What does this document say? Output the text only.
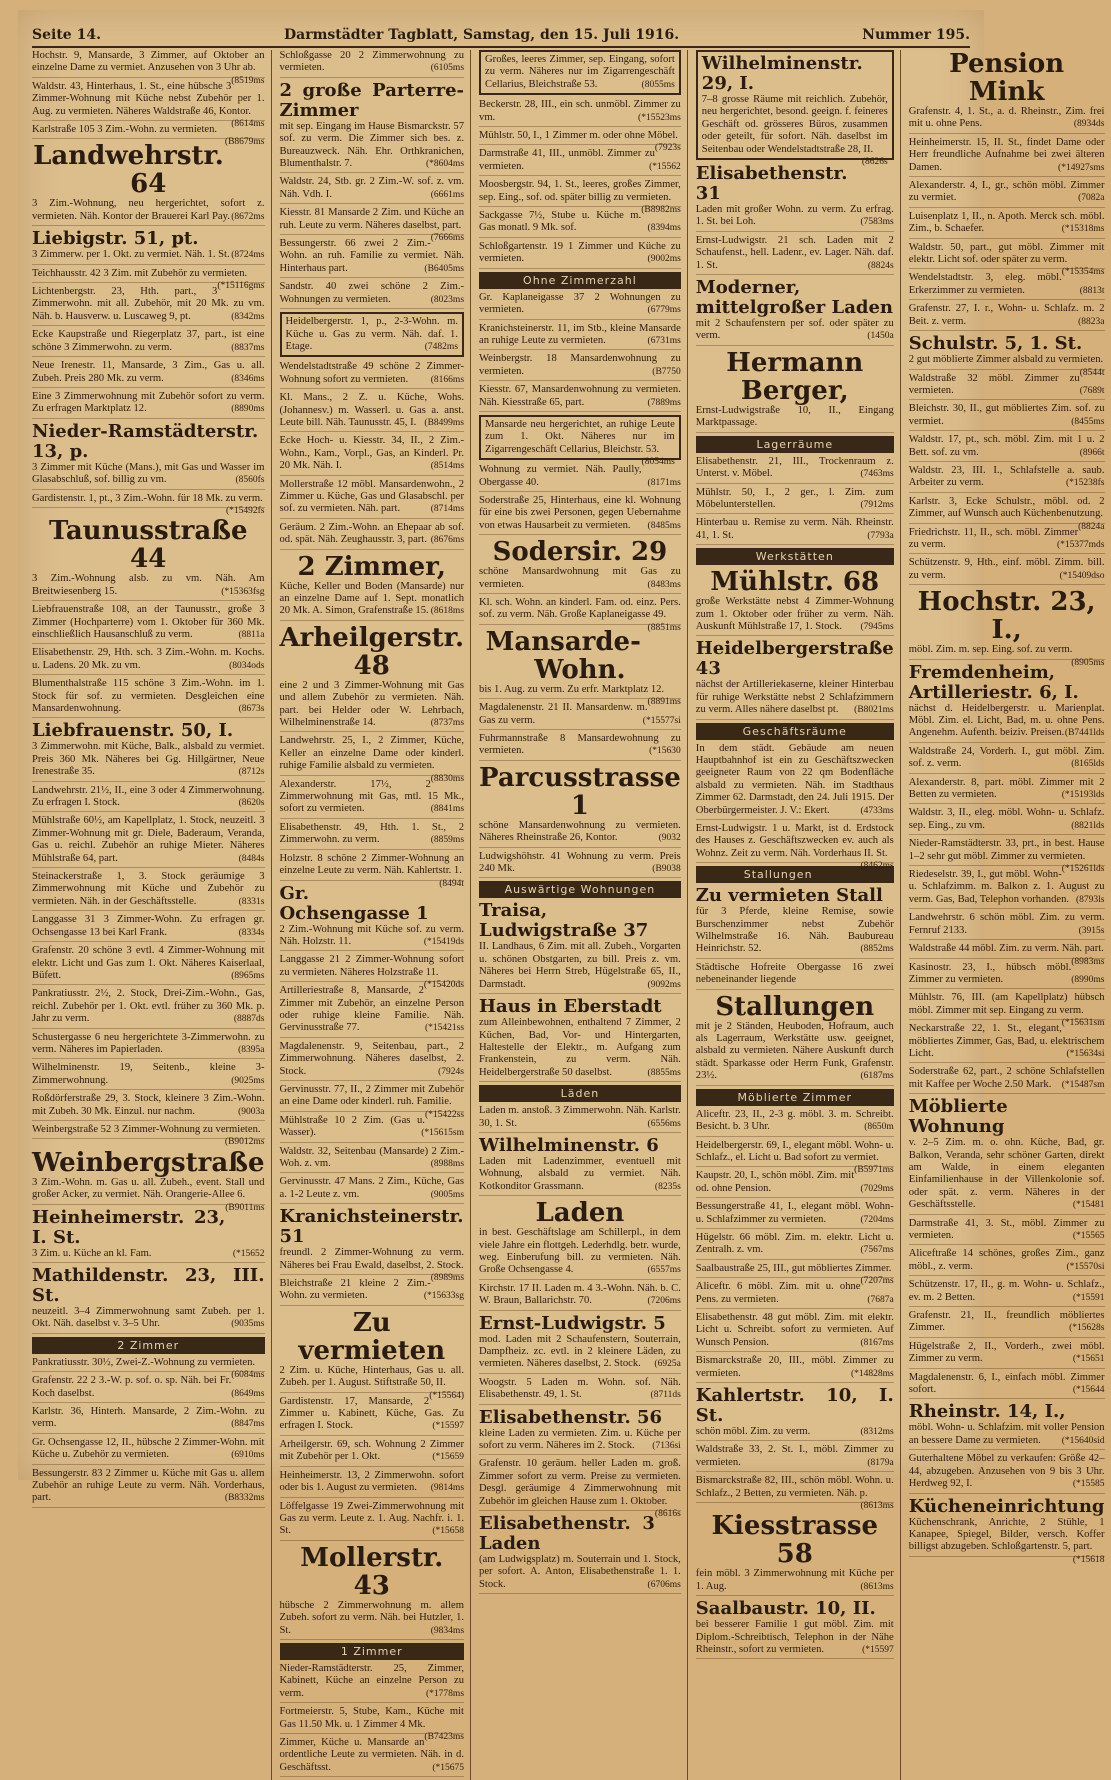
Seite 14.	Darmstädter Tagblatt, Samstag, den 15. Juli 1916.	Nummer 195.
Hochstr. 9, Mansarde, 3 Zimmer, auf Oktober an einzelne Dame zu vermiet. Anzusehen von 3 Uhr ab.
(8519ms
Waldstr. 43, Hinterhaus, 1. St., eine hübsche 3 Zimmer-Wohnung mit Küche nebst Zubehör per 1. Aug. zu vermieten. Näheres Waldstraße 46, Kontor.
(8614ms
Karlstraße 105 3 Zim.-Wohn. zu vermieten.
(B8679ms
Landwehrstr. 64
3 Zim.-Wohnung, neu hergerichtet, sofort z. vermieten. Näh. Kontor der Brauerei Karl Pay. (8672ms
Liebigstr. 51, pt.
3 Zimmerw. per 1. Okt. zu vermiet. Näh. 1. St. (8724ms
Teichhausstr. 42 3 Zim. mit Zubehör zu vermieten.
(*15116gms
Lichtenbergstr. 23, Hth. part., 3 Zimmerwohn. mit all. Zubehör, mit 20 Mk. zu vm. Näh. b. Hausverw. u. Luscaweg 9, pt.	(8342ms
Ecke Kaupstraße und Riegerplatz 37, part., ist eine schöne 3 Zimmerwohn. zu verm.	(8837ms
Neue Irenestr. 11, Mansarde, 3 Zim., Gas u. all. Zubeh. Preis 280 Mk. zu verm.	(8346ms
Eine 3 Zimmerwohnung mit Zubehör sofort zu verm. Zu erfragen Marktplatz 12.	(8890ms
Nieder-Ramstädterstr. 13, p.
3 Zimmer mit Küche (Mans.), mit Gas und Wasser im Glasabschluß, sof. billig zu vm.	(8560fs
Gardistenstr. 1, pt., 3 Zim.-Wohn. für 18 Mk. zu verm.
(*15492fs
Taunusstraße 44
3 Zim.-Wohnung alsb. zu vm. Näh. Am Breitwiesenberg 15.	(*15363fsg
Liebfrauenstraße 108, an der Taunusstr., große 3 Zimmer (Hochparterre) vom 1. Oktober für 360 Mk. einschließlich Hausanschluß zu verm.	(8811a
Elisabethenstr. 29, Hth. sch. 3 Zim.-Wohn. m. Kochs. u. Ladens. 20 Mk. zu vm.	(8034ods
Blumenthalstraße 115 schöne 3 Zim.-Wohn. im 1. Stock für sof. zu vermieten. Desgleichen eine Mansardenwohnung.	(8673s
Liebfrauenstr. 50, I.
3 Zimmerwohn. mit Küche, Balk., alsbald zu vermiet. Preis 360 Mk. Näheres bei Gg. Hillgärtner, Neue Irenestraße 35.	(8712s
Landwehrstr. 21½, II., eine 3 oder 4 Zimmerwohnung. Zu erfragen I. Stock.	(8620s
Mühlstraße 60½, am Kapellplatz, 1. Stock, neuzeitl. 3 Zimmer-Wohnung mit gr. Diele, Baderaum, Veranda, Gas u. reichl. Zubehör an ruhige Mieter. Näheres Mühlstraße 64, part.	(8484s
Steinackerstraße 1, 3. Stock geräumige 3 Zimmerwohnung mit Küche und Zubehör zu vermieten. Näh. in der Geschäftsstelle.	(8331s
Langgasse 31 3 Zimmer-Wohn. Zu erfragen gr. Ochsengasse 13 bei Karl Frank.	(8334s
Grafenstr. 20 schöne 3 evtl. 4 Zimmer-Wohnung mit elektr. Licht und Gas zum 1. Okt. Näheres Kaiserlaal, Büfett.	(8965ms
Pankratiusstr. 2½, 2. Stock, Drei-Zim.-Wohn., Gas, reichl. Zubehör per 1. Okt. evtl. früher zu 360 Mk. p. Jahr zu verm.	(8887ds
Schustergasse 6 neu hergerichtete 3-Zimmerwohn. zu verm. Näheres im Papierladen.	(8395a
Wilhelminenstr. 19, Seitenb., kleine 3-Zimmerwohnung.	(9025ms
Roßdörferstraße 29, 3. Stock, kleinere 3 Zim.-Wohn. mit Zubeh. 30 Mk. Einzul. nur nachm.	(9003a
Weinbergstraße 52 3 Zimmer-Wohnung zu vermieten.
(B9012ms
Weinbergstraße
3 Zim.-Wohn. m. Gas u. all. Zubeh., event. Stall und großer Acker, zu vermiet. Näh. Orangerie-Allee 6.
(B9011ms
Heinheimerstr. 23, I. St.
3 Zim. u. Küche an kl. Fam.	(*15652
Mathildenstr. 23, III. St.
neuzeitl. 3–4 Zimmerwohnung samt Zubeh. per 1. Okt. Näh. daselbst v. 3–5 Uhr.	(9035ms
2 Zimmer
Pankratiusstr. 30½, Zwei-Z.-Wohnung zu vermieten.
(6084ms
Grafenstr. 22 2 3.-W. p. sof. o. sp. Näh. bei Fr. Koch daselbst.	(8649ms
Karlstr. 36, Hinterh. Mansarde, 2 Zim.-Wohn. zu verm.	(8847ms
Gr. Ochsengasse 12, II., hübsche 2 Zimmer-Wohn. mit Küche u. Zubehör zu vermieten.	(6910ms
Bessungerstr. 83 2 Zimmer u. Küche mit Gas u. allem Zubehör an ruhige Leute zu verm. Näh. Vorderhaus, part.	(B8332ms
Schloßgasse 20 2 Zimmerwohnung zu vermieten.	(6105ms
2 große Parterre-Zimmer
mit sep. Eingang im Hause Bismarckstr. 57 sof. zu verm. Die Zimmer sich bes. z. Bureauzweck. Näh. Ehr. Orthkranichen, Blumenthalstr. 7.	(*8604ms
Waldstr. 24, Stb. gr. 2 Zim.-W. sof. z. vm. Näh. Vdh. I.	(6661ms
Kiesstr. 81 Mansarde 2 Zim. und Küche an ruh. Leute zu verm. Näheres daselbst, part.
(7666ms
Bessungerstr. 66 zwei 2 Zim.-Wohn. an ruh. Familie zu vermiet. Näh. Hinterhaus part.	(B6405ms
Sandstr. 40 zwei schöne 2 Zim.-Wohnungen zu vermieten.	(8023ms
Heidelbergerstr. 1, p., 2-3-Wohn. m. Küche u. Gas zu verm. Näh. daf. 1. Etage.	(7482ms
Wendelstadtstraße 49 schöne 2 Zimmer-Wohnung sofort zu vermieten. (8166ms
Kl. Mans., 2 Z. u. Küche, Wohs. (Johannesv.) m. Wasserl. u. Gas a. anst. Leute bill. Näh. Taunusstr. 45, I. (B8499ms
Ecke Hoch- u. Kiesstr. 34, II., 2 Zim.-Wohn., Kam., Vorpl., Gas, an Kinderl. Pr. 20 Mk. Näh. I.	(8514ms
Mollerstraße 12 möbl. Mansardenwohn., 2 Zimmer u. Küche, Gas und Glasabschl. per sof. zu vermieten. Näh. part.	(8714ms
Geräum. 2 Zim.-Wohn. an Ehepaar ab sof. od. spät. Näh. Zeughausstr. 3, part. (8676ms
2 Zimmer,
Küche, Keller und Boden (Mansarde) nur an einzelne Dame auf 1. Sept. monatlich 20 Mk. A. Simon, Grafenstraße 15. (8618ms
Arheilgerstr. 48
eine 2 und 3 Zimmer-Wohnung mit Gas und allem Zubehör zu vermieten. Näh. part. bei Helder oder W. Lehrbach, Wilhelminenstraße 14.	(8737ms
Landwehrstr. 25, I., 2 Zimmer, Küche, Keller an einzelne Dame oder kinderl. ruhige Familie alsbald zu vermieten.
(8830ms
Alexanderstr. 17½, 2 Zimmerwohnung mit Gas, mtl. 15 Mk., sofort zu vermieten.	(8841ms
Elisabethenstr. 49, Hth. 1. St., 2 Zimmerwohn. zu verm.	(8859ms
Holzstr. 8 schöne 2 Zimmer-Wohnung an einzelne Leute zu verm. Näh. Kahlertstr. 1.
(8494t
Gr. Ochsengasse 1
2 Zim.-Wohnung mit Küche sof. zu verm. Näh. Holzstr. 11.	(*15419ds
Langgasse 21 2 Zimmer-Wohnung sofort zu vermieten. Näheres Holzstraße 11.
(*15420ds
Artilleriestraße 8, Mansarde, 2 Zimmer mit Zubehör, an einzelne Person oder ruhige kleine Familie. Näh. Gervinusstraße 77.	(*15421ss
Magdalenenstr. 9, Seitenbau, part., 2 Zimmerwohnung. Näheres daselbst, 2. Stock.	(7924s
Gervinusstr. 77, II., 2 Zimmer mit Zubehör an eine Dame oder kinderl. ruh. Familie.
(*15422ss
Mühlstraße 10 2 Zim. (Gas u. Wasser).	(*15615sm
Waldstr. 32, Seitenbau (Mansarde) 2 Zim.-Woh. z. vm.	(8988ms
Gervinusstr. 47 Mans. 2 Zim., Küche, Gas a. 1-2 Leute z. vm.	(9005ms
Kranichsteinerstr. 51
freundl. 2 Zimmer-Wohnung zu verm. Näheres bei Frau Ewald, daselbst, 2. Stock.
(8989ms
Bleichstraße 21 kleine 2 Zim.-Wohn. zu vermieten.	(*15633sg
Zu vermieten
2 Zim. u. Küche, Hinterhaus, Gas u. all. Zubeh. per 1. August. Stiftstraße 50, II.
(*15564)
Gardistenstr. 17, Mansarde, 2 Zimmer u. Kabinett, Küche, Gas. Zu erfragen I. Stock.	(*15597
Arheilgerstr. 69, sch. Wohnung 2 Zimmer mit Zubehör per 1. Okt.	(*15659
Heinheimerstr. 13, 2 Zimmerwohn. sofort oder bis 1. August zu vermieten. (9814ms
Löffelgasse 19 Zwei-Zimmerwohnung mit Gas zu verm. Leute z. 1. Aug. Nachfr. i. 1. St.	(*15658
Mollerstr. 43
hübsche 2 Zimmerwohnung m. allem Zubeh. sofort zu verm. Näh. bei Hutzler, 1. St.	(9834ms
1 Zimmer
Nieder-Ramstädterstr. 25, Zimmer, Kabinett, Küche an einzelne Person zu verm.	(*1778ms
Fortmeierstr. 5, Stube, Kam., Küche mit Gas 11.50 Mk. u. 1 Zimmer 4 Mk.
(B7423ms
Zimmer, Küche u. Mansarde an ordentliche Leute zu vermieten. Näh. in d. Geschäftsst.	(*15675
Großes, leeres Zimmer, sep. Eingang, sofort zu verm. Näheres nur im Zigarrengeschäft Cellarius, Bleichstraße 53.	(8055ms
Beckerstr. 28, III., ein sch. unmöbl. Zimmer zu vm.	(*15523ms
Mühlstr. 50, I., 1 Zimmer m. oder ohne Möbel.
(7923s
Darmstraße 41, III., unmöbl. Zimmer zu vermieten.	(*15562
Moosbergstr. 94, 1. St., leeres, großes Zimmer, sep. Eing., sof. od. später billig zu vermieten.
(B8982ms
Sackgasse 7½, Stube u. Küche m. Gas monatl. 9 Mk. sof.	(8394ms
Schloßgartenstr. 19 1 Zimmer und Küche zu vermieten.	(9002ms
Ohne Zimmerzahl
Gr. Kaplaneigasse 37 2 Wohnungen zu vermieten.	(6779ms
Kranichsteinerstr. 11, im Stb., kleine Mansarde an ruhige Leute zu vermieten.	(6731ms
Weinbergstr. 18 Mansardenwohnung zu vermieten.	(B7750
Kiesstr. 67, Mansardenwohnung zu vermieten. Näh. Kiesstraße 65, part.	(7889ms
Mansarde neu hergerichtet, an ruhige Leute zum 1. Okt. Näheres nur im Zigarrengeschäft Cellarius, Bleichstr. 53.
(8054ms
Wohnung zu vermiet. Näh. Paully, Obergasse 40.	(8171ms
Soderstraße 25, Hinterhaus, eine kl. Wohnung für eine bis zwei Personen, gegen Uebernahme von etwas Hausarbeit zu vermieten. (8485ms
Sodersir. 29
schöne Mansardwohnung mit Gas zu vermieten.	(8483ms
Kl. sch. Wohn. an kinderl. Fam. od. einz. Pers. sof. zu verm. Näh. Große Kaplaneigasse 49.
(8851ms
Mansarde-Wohn.
bis 1. Aug. zu verm. Zu erfr. Marktplatz 12.
(8891ms
Magdalenenstr. 21 II. Mansardenw. m. Gas zu verm.	(*15577si
Fuhrmannstraße 8 Mansardewohnung zu vermieten.	(*15630
Parcusstrasse 1
schöne Mansardenwohnung zu vermieten. Näheres Rheinstraße 26, Kontor.	(9032
Ludwigshöhstr. 41 Wohnung zu verm. Preis 240 Mk.	(B9038
Auswärtige Wohnungen
Traisa, Ludwigstraße 37
II. Landhaus, 6 Zim. mit all. Zubeh., Vorgarten u. schönen Obstgarten, zu bill. Preis z. vm. Näheres bei Herrn Streb, Hügelstraße 65, II., Darmstadt.	(9092ms
Haus in Eberstadt
zum Alleinbewohnen, enthaltend 7 Zimmer, 2 Küchen, Bad, Vor- und Hintergarten, Haltestelle der Elektr., m. Aufgang zum Frankenstein, zu verm. Näh. Heidelbergerstraße 50 daselbst.	(8855ms
Läden
Laden m. anstoß. 3 Zimmerwohn. Näh. Karlstr. 30, 1. St.	(6556ms
Wilhelminenstr. 6
Laden mit Ladenzimmer, eventuell mit Wohnung, alsbald zu vermiet. Näh. Kotkonditor Grassmann.	(8235s
Laden
in best. Geschäftslage am Schillerpl., in dem viele Jahre ein flottgeh. Lederhdlg. betr. wurde, weg. Einberufung bill. zu vermieten. Näh. Große Ochsengasse 4.	(6557ms
Kirchstr. 17 II. Laden m. 4 3.-Wohn. Näh. b. C. W. Braun, Ballarichstr. 70.	(7206ms
Ernst-Ludwigstr. 5
mod. Laden mit 2 Schaufenstern, Souterrain, Dampfheiz. zc. evtl. in 2 kleinere Läden, zu vermieten. Näheres daselbst, 2. Stock. (6925a
Woogstr. 5 Laden m. Wohn. sof. Näh. Elisabethenstr. 49, 1. St.	(8711ds
Elisabethenstr. 56
kleine Laden zu vermieten. Zim. u. Küche per sofort zu verm. Näheres im 2. Stock. (7136si
Grafenstr. 10 geräum. heller Laden m. groß. Zimmer sofort zu verm. Preise zu vermieten. Desgl. geräumige 4 Zimmerwohnung mit Zubehör im gleichen Hause zum 1. Oktober.
(8616s
Elisabethenstr. 3 Laden
(am Ludwigsplatz) m. Souterrain und 1. Stock, per sofort. A. Anton, Elisabethenstraße 1. 1. Stock.	(6706ms
Wilhelminenstr. 29, I.
7–8 grosse Räume mit reichlich. Zubehör, neu hergerichtet, besond. geeign. f. feineres Geschäft od. grösseres Büros, zusammen oder geteilt, für sofort. Näh. daselbst im Seitenbau oder Wendelstadtstraße 28, II.
(8626s
Elisabethenstr. 31
Laden mit großer Wohn. zu verm. Zu erfrag. 1. St. bei Loh.	(7583ms
Ernst-Ludwigstr. 21 sch. Laden mit 2 Schaufenst., hell. Ladenr., ev. Lager. Näh. daf. 1. St.	(8824s
Moderner, mittelgroßer Laden
mit 2 Schaufenstern per sof. oder später zu verm.	(1450a
Hermann Berger,
Ernst-Ludwigstraße 10, II., Eingang Marktpassage.
Lagerräume
Elisabethenstr. 21, III., Trockenraum z. Unterst. v. Möbel.	(7463ms
Mühlstr. 50, I., 2 ger., l. Zim. zum Möbelunterstellen.	(7912ms
Hinterbau u. Remise zu verm. Näh. Rheinstr. 41, 1. St.	(7793a
Werkstätten
Mühlstr. 68
große Werkstätte nebst 4 Zimmer-Wohnung zum 1. Oktober oder früher zu verm. Näh. Auskunft Mühlstraße 17, 1. Stock. (7945ms
Heidelbergerstraße 43
nächst der Artilleriekaserne, kleiner Hinterbau für ruhige Werkstätte nebst 2 Schlafzimmern zu verm. Alles nähere daselbst pt. (B8021ms
Geschäftsräume
In dem städt. Gebäude am neuen Hauptbahnhof ist ein zu Geschäftszwecken geeigneter Raum von 22 qm Bodenfläche alsbald zu vermieten. Näh. im Stadthaus Zimmer 62. Darmstadt, den 24. Juli 1915. Der Oberbürgermeister. J. V.: Ekert.	(4733ms
Ernst-Ludwigstr. 1 u. Markt, ist d. Erdstock des Hauses z. Geschäftszwecken ev. auch als Wohnz. Zeit zu verm. Näh. Vorderhaus II. St.
(8462ms
Stallungen
Zu vermieten Stall
für 3 Pferde, kleine Remise, sowie Burschenzimmer nebst Zubehör Wilhelmstraße 16. Näh. Baubureau Heinrichstr. 52.	(8852ms
Städtische Hofreite Obergasse 16 zwei nebeneinander liegende
Stallungen
mit je 2 Ständen, Heuboden, Hofraum, auch als Lagerraum, Werkstätte usw. geeignet, alsbald zu vermieten. Nähere Auskunft durch städt. Sparkasse oder Herrn Funk, Grafenstr. 23½.	(6187ms
Möblierte Zimmer
Aliceftr. 23, II., 2-3 g. möbl. 3. m. Schreibt. Besicht. b. 3 Uhr.	(8650m
Heidelbergerstr. 69, I., elegant möbl. Wohn- u. Schlafz., el. Licht u. Bad sofort zu vermiet.
(B5971ms
Kaupstr. 20, I., schön möbl. Zim. mit od. ohne Pension.	(7029ms
Bessungerstraße 41, I., elegant möbl. Wohn- u. Schlafzimmer zu vermieten.	(7204ms
Hügelstr. 66 möbl. Zim. m. elektr. Licht u. Zentralh. z. vm.	(7567ms
Saalbaustraße 25, III., gut möbliertes Zimmer.
(7207ms
Aliceftr. 6 möbl. Zim. mit u. ohne Pens. zu vermieten.	(7687a
Elisabethenstr. 48 gut möbl. Zim. mit elektr. Licht u. Schreibt. sofort zu vermieten. Auf Wunsch Pension.	(8167ms
Bismarckstraße 20, III., möbl. Zimmer zu vermieten.	(*14828ms
Kahlertstr. 10, I. St.
schön möbl. Zim. zu verm.	(8312ms
Waldstraße 33, 2. St. I., möbl. Zimmer zu vermieten.	(8179a
Bismarckstraße 82, III., schön möbl. Wohn. u. Schlafz., 2 Betten, zu vermieten. Näh. p.
(8613ms
Kiesstrasse 58
fein möbl. 3 Zimmerwohnung mit Küche per 1. Aug.	(8613ms
Saalbaustr. 10, II.
bei besserer Familie 1 gut möbl. Zim. mit Diplom.-Schreibtisch, Telephon in der Nähe Rheinstr., sofort zu vermieten.	(*15597
Pension Mink
Grafenstr. 4, 1. St., a. d. Rheinstr., Zim. frei mit u. ohne Pens.	(8934ds
Heinheimerstr. 15, II. St., findet Dame oder Herr freundliche Aufnahme bei zwei älteren Damen.	(*14927sms
Alexanderstr. 4, I., gr., schön möbl. Zimmer zu vermiet.	(7082a
Luisenplatz 1, II., n. Apoth. Merck sch. möbl. Zim., b. Schaefer.	(*15318ms
Waldstr. 50, part., gut möbl. Zimmer mit elektr. Licht sof. oder später zu verm.
(*15354ms
Wendelstadtstr. 3, eleg. möbl. Erkerzimmer zu vermieten.	(8813t
Grafenstr. 27, I. r., Wohn- u. Schlafz. m. 2 Beit. z. verm.	(8823a
Schulstr. 5, 1. St.
2 gut möblierte Zimmer alsbald zu vermieten.
(8544t
Waldstraße 32 möbl. Zimmer zu vermieten.	(7689t
Bleichstr. 30, II., gut möbliertes Zim. sof. zu vermiet.	(8455ms
Waldstr. 17, pt., sch. möbl. Zim. mit 1 u. 2 Bett. sof. zu vm.	(8966t
Waldstr. 23, III. I., Schlafstelle a. saub. Arbeiter zu verm.	(*15238fs
Karlstr. 3, Ecke Schulstr., möbl. od. 2 Zimmer, auf Wunsch auch Küchenbenutzung.
(8824a
Friedrichstr. 11, II., sch. möbl. Zimmer zu verm.	(*15377mds
Schützenstr. 9, Hth., einf. möbl. Zimm. bill. zu verm.	(*15409dso
Hochstr. 23, I.,
möbl. Zim. m. sep. Eing. sof. zu verm.
(8905ms
Fremdenheim, Artilleriestr. 6, I.
nächst d. Heidelbergerstr. u. Marienplat. Möbl. Zim. el. Licht, Bad, m. u. ohne Pens. Angenehm. Aufenth. beiziv. Preisen. (B7441lds
Waldstraße 24, Vorderh. I., gut möbl. Zim. sof. z. verm.	(8165lds
Alexanderstr. 8, part. möbl. Zimmer mit 2 Betten zu vermieten.	(*15193lds
Waldstr. 3, II., eleg. möbl. Wohn- u. Schlafz. sep. Eing., zu vm.	(8821lds
Nieder-Ramstädterstr. 33, prt., in best. Hause 1–2 sehr gut möbl. Zimmer zu vermieten.
(*15261lds
Riedeselstr. 39, I., gut möbl. Wohn- u. Schlafzimm. m. Balkon z. 1. August zu verm. Gas, Bad, Telephon vorhanden. (8793ls
Landwehrstr. 6 schön möbl. Zim. zu verm. Fernruf 2133.	(3915s
Waldstraße 44 möbl. Zim. zu verm. Näh. part.
(8983ms
Kasinostr. 23, I., hübsch möbl. Zimmer zu vermieten.	(8990ms
Mühlstr. 76, III. (am Kapellplatz) hübsch möbl. Zimmer mit sep. Eingang zu verm.
(*15631sm
Neckarstraße 22, 1. St., elegant, möbliertes Zimmer, Gas, Bad, u. elektrischem Licht.	(*15634si
Soderstraße 62, part., 2 schöne Schlafstellen mit Kaffee per Woche 2.50 Mark. (*15487sm
Möblierte Wohnung
v. 2–5 Zim. m. o. ohn. Küche, Bad, gr. Balkon, Veranda, sehr schöner Garten, direkt am Walde, in einem eleganten Einfamilienhause in der Villenkolonie sof. oder spät. z. verm. Näheres in der Geschäftsstelle.	(*15481
Darmstraße 41, 3. St., möbl. Zimmer zu vermieten.	(*15565
Aliceftraße 14 schönes, großes Zim., ganz möbl., z. verm.	(*15570si
Schützenstr. 17, II., g. m. Wohn- u. Schlafz., ev. m. 2 Betten.	(*15591
Grafenstr. 21, II., freundlich möbliertes Zimmer.	(*15628s
Hügelstraße 2, II., Vorderh., zwei möbl. Zimmer zu verm.	(*15651
Magdalenenstr. 6, I., einfach möbl. Zimmer sofort.	(*15644
Rheinstr. 14, I.,
möbl. Wohn- u. Schlafzim. mit voller Pension an bessere Dame zu vermieten. (*15640sid
Guterhaltene Möbel zu verkaufen: Größe 42–44, abzugeben. Anzusehen von 9 bis 3 Uhr. Herdweg 92, I.	(*15585
Kücheneinrichtung
Küchenschrank, Anrichte, 2 Stühle, 1 Kanapee, Spiegel, Bilder, versch. Koffer billigst abzugeben. Schloßgartenstr. 5, part.
(*15618
